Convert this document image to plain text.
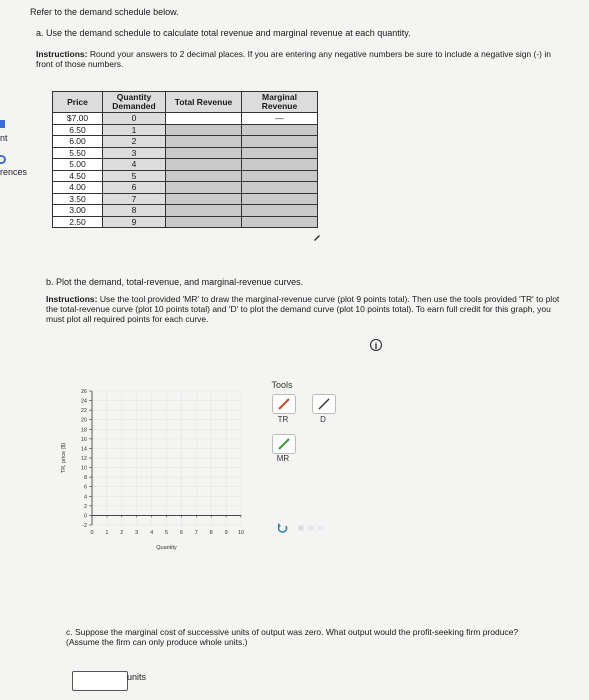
nt
rences
Refer to the demand schedule below.
a. Use the demand schedule to calculate total revenue and marginal revenue at each quantity.
Instructions: Round your answers to 2 decimal places. If you are entering any negative numbers be sure to include a negative sign (-) in front of those numbers.
Price	Quantity Demanded	Total Revenue	Marginal Revenue
$7.00	0		—
6.50	1		
6.00	2		
5.50	3		
5.00	4		
4.50	5		
4.00	6		
3.50	7		
3.00	8		
2.50	9		
b. Plot the demand, total-revenue, and marginal-revenue curves.
Instructions: Use the tool provided 'MR' to draw the marginal-revenue curve (plot 9 points total). Then use the tools provided 'TR' to plot the total-revenue curve (plot 10 points total) and 'D' to plot the demand curve (plot 10 points total). To earn full credit for this graph, you must plot all required points for each curve.
i
-2
0
2
4
6
8
10
12
14
16
18
20
22
24
26
0 1 2 3 4 5 6 7 8 9 10
Quantity
TR, price ($)
Tools
TR	D
MR
c. Suppose the marginal cost of successive units of output was zero. What output would the profit-seeking firm produce? (Assume the firm can only produce whole units.)
units
